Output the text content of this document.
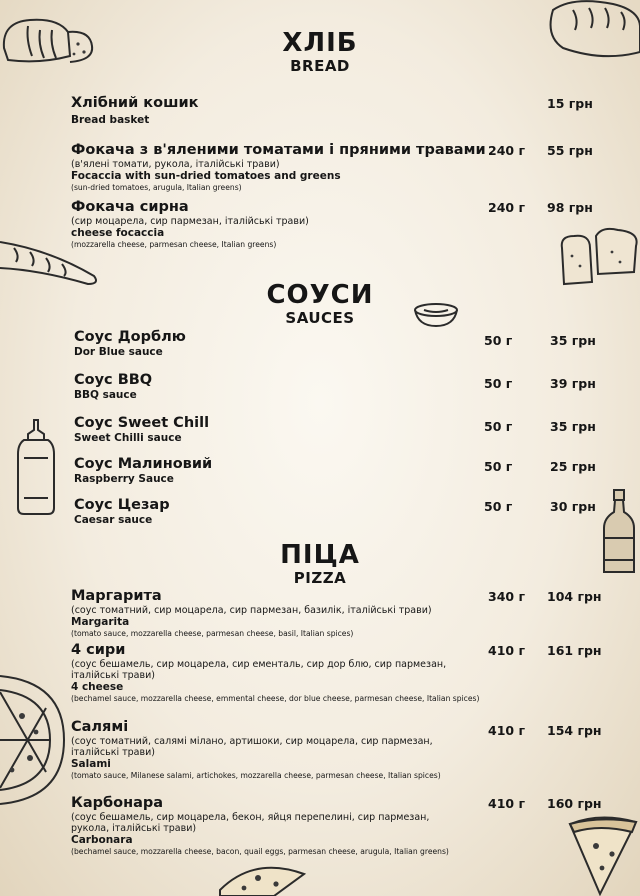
ХЛІБ
BREAD
Хлібний кошик
Bread basket
15 грн
Фокача з в'яленими томатами і пряними травами
(в'ялені томати, рукола, італійські трави)
Focaccia with sun-dried tomatoes and greens
(sun-dried tomatoes, arugula, Italian greens)
240 г 55 грн
Фокача сирна
(сир моцарела, сир пармезан, італійські трави)
cheese focaccia
(mozzarella cheese, parmesan cheese, Italian greens)
240 г 98 грн
СОУСИ
SAUCES
Соус Дорблю
Dor Blue sauce
50 г	35 грн
Соус BBQ
BBQ sauce
50 г	39 грн
Соус Sweet Chill
Sweet Chilli sauce
50 г	35 грн
Соус Малиновий
Raspberry Sauce
50 г	25 грн
Соус Цезар
Caesar sauce
50 г	30 грн
ПІЦА
PIZZA
Маргарита
(соус томатний, сир моцарела, сир пармезан, базилік, італійські трави)
Margarita
(tomato sauce, mozzarella cheese, parmesan cheese, basil, Italian spices)
340 г 104 грн
4 сири
(соус бешамель, сир моцарела, сир ементаль, сир дор блю, сир пармезан, італійські трави)
4 cheese
(bechamel sauce, mozzarella cheese, emmental cheese, dor blue cheese, parmesan cheese, Italian spices)
410 г 161 грн
Салямі
(соус томатний, салямі мілано, артишоки, сир моцарела, сир пармезан, італійські трави)
Salami
(tomato sauce, Milanese salami, artichokes, mozzarella cheese, parmesan cheese, Italian spices)
410 г 154 грн
Карбонара
(соус бешамель, сир моцарела, бекон, яйця перепелині, сир пармезан, рукола, італійські трави)
Carbonara
(bechamel sauce, mozzarella cheese, bacon, quail eggs, parmesan cheese, arugula, Italian greens)
410 г 160 грн
